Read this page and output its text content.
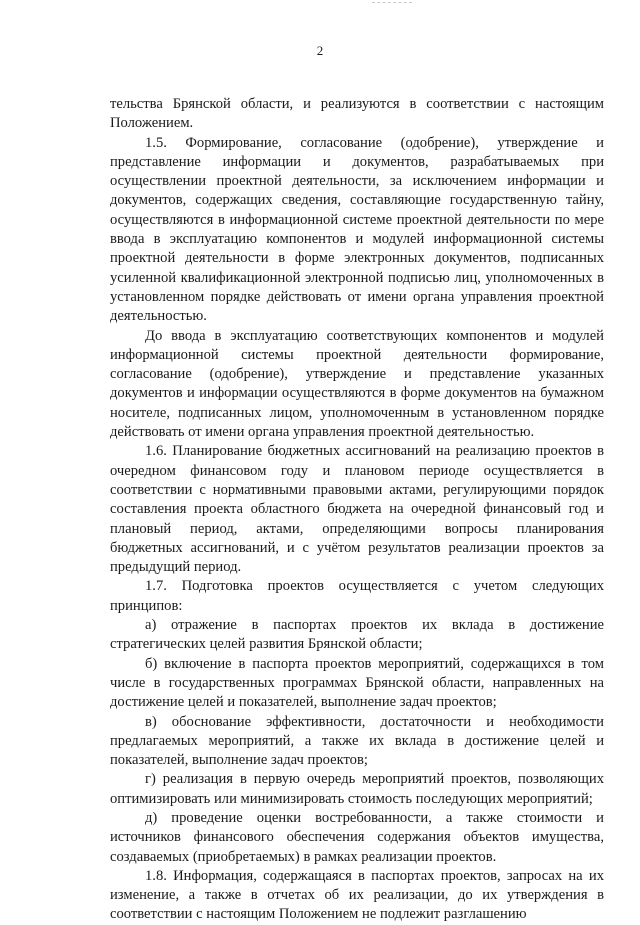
2

тельства Брянской области, и реализуются в соответствии с настоящим Положением.

1.5. Формирование, согласование (одобрение), утверждение и представление информации и документов, разрабатываемых при осуществлении проектной деятельности, за исключением информации и документов, содержащих сведения, составляющие государственную тайну, осуществляются в информационной системе проектной деятельности по мере ввода в эксплуатацию компонентов и модулей информационной системы проектной деятельности в форме электронных документов, подписанных усиленной квалификационной электронной подписью лиц, уполномоченных в установленном порядке действовать от имени органа управления проектной деятельностью.

До ввода в эксплуатацию соответствующих компонентов и модулей информационной системы проектной деятельности формирование, согласование (одобрение), утверждение и представление указанных документов и информации осуществляются в форме документов на бумажном носителе, подписанных лицом, уполномоченным в установленном порядке действовать от имени органа управления проектной деятельностью.

1.6. Планирование бюджетных ассигнований на реализацию проектов в очередном финансовом году и плановом периоде осуществляется в соответствии с нормативными правовыми актами, регулирующими порядок составления проекта областного бюджета на очередной финансовый год и плановый период, актами, определяющими вопросы планирования бюджетных ассигнований, и с учётом результатов реализации проектов за предыдущий период.

1.7. Подготовка проектов осуществляется с учетом следующих принципов:

а) отражение в паспортах проектов их вклада в достижение стратегических целей развития Брянской области;

б) включение в паспорта проектов мероприятий, содержащихся в том числе в государственных программах Брянской области, направленных на достижение целей и показателей, выполнение задач проектов;

в) обоснование эффективности, достаточности и необходимости предлагаемых мероприятий, а также их вклада в достижение целей и показателей, выполнение задач проектов;

г) реализация в первую очередь мероприятий проектов, позволяющих оптимизировать или минимизировать стоимость последующих мероприятий;

д) проведение оценки востребованности, а также стоимости и источников финансового обеспечения содержания объектов имущества, создаваемых (приобретаемых) в рамках реализации проектов.

1.8. Информация, содержащаяся в паспортах проектов, запросах на их изменение, а также в отчетах об их реализации, до их утверждения в соответствии с настоящим Положением не подлежит разглашению
